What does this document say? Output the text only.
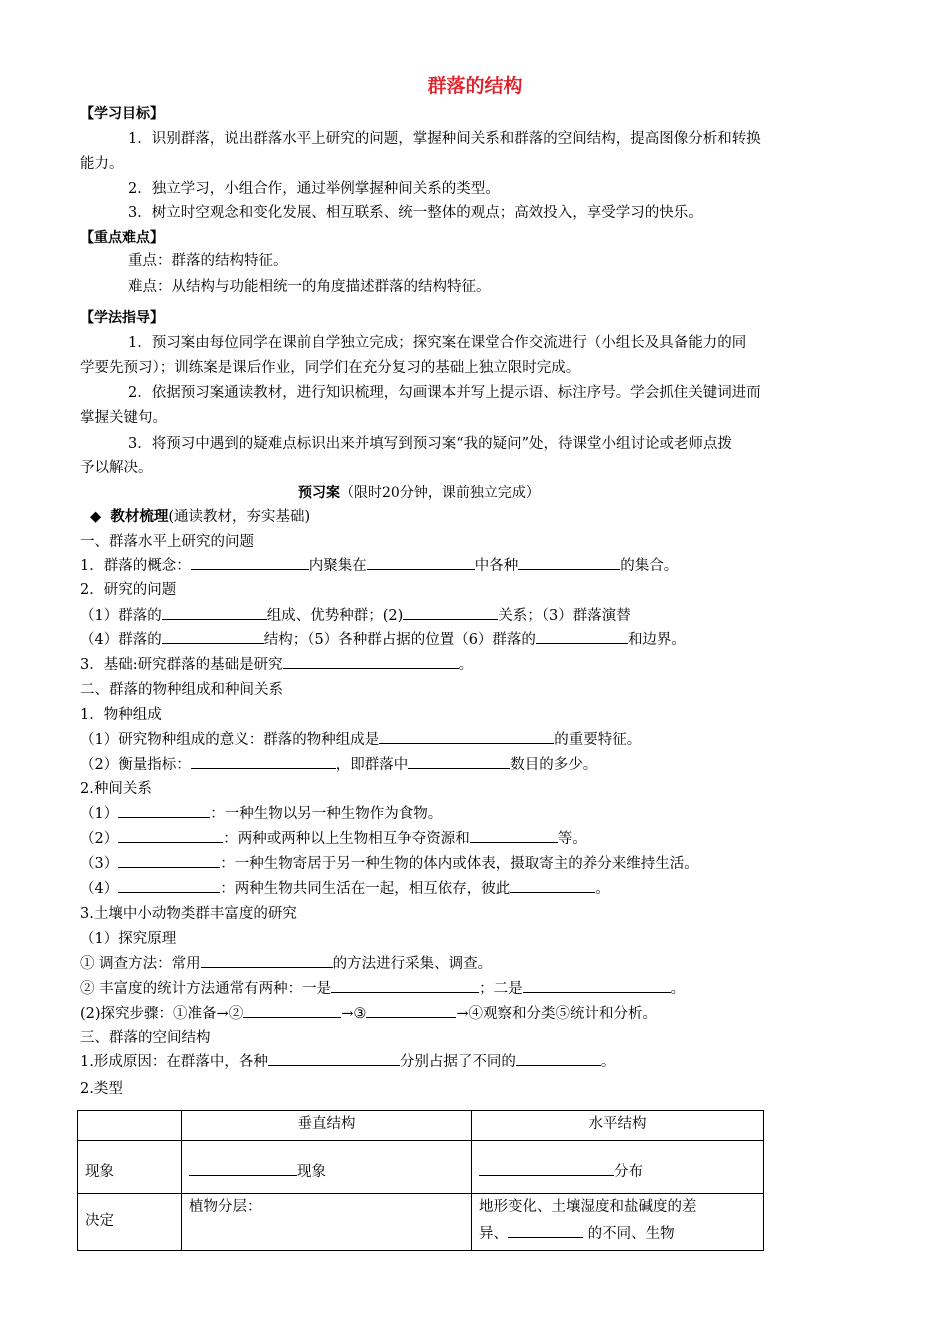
群落的结构
【学习目标】
1．识别群落，说出群落水平上研究的问题，掌握种间关系和群落的空间结构，提高图像分析和转换
能力。
2．独立学习，小组合作，通过举例掌握种间关系的类型。
3．树立时空观念和变化发展、相互联系、统一整体的观点；高效投入，享受学习的快乐。
【重点难点】
重点：群落的结构特征。
难点：从结构与功能相统一的角度描述群落的结构特征。
【学法指导】
1．预习案由每位同学在课前自学独立完成；探究案在课堂合作交流进行（小组长及具备能力的同
学要先预习）；训练案是课后作业，同学们在充分复习的基础上独立限时完成。
2．依据预习案通读教材，进行知识梳理，勾画课本并写上提示语、标注序号。学会抓住关键词进而
掌握关键句。
3．将预习中遇到的疑难点标识出来并填写到预习案“我的疑问”处，待课堂小组讨论或老师点拨
予以解决。
预习案（限时20分钟，课前独立完成）
◆ 教材梳理(通读教材，夯实基础)
一、群落水平上研究的问题
1．群落的概念：	内聚集在	中各种	的集合。
2．研究的问题
（1）群落的	组成、优势种群；(2)	关系；（3）群落演替
（4）群落的	结构；（5）各种群占据的位置（6）群落的	和边界。
3．基础:研究群落的基础是研究	。
二、群落的物种组成和种间关系
1．物种组成
（1）研究物种组成的意义：群落的物种组成是	的重要特征。
（2）衡量指标：	，即群落中	数目的多少。
2.种间关系
（1）	：一种生物以另一种生物作为食物。
（2）	：两种或两种以上生物相互争夺资源和	等。
（3）	：一种生物寄居于另一种生物的体内或体表，摄取寄主的养分来维持生活。
（4）	：两种生物共同生活在一起，相互依存，彼此	。
3.土壤中小动物类群丰富度的研究
（1）探究原理
① 调查方法：常用	的方法进行采集、调查。
② 丰富度的统计方法通常有两种：一是	；二是	。
(2)探究步骤：①准备→②	→③	→④观察和分类⑤统计和分析。
三、群落的空间结构
1.形成原因：在群落中，各种	分别占据了不同的	。
2.类型
	垂直结构	水平结构
现象	现象	分布
决定	植物分层：	地形变化、土壤湿度和盐碱度的差
异、 的不同、生物
